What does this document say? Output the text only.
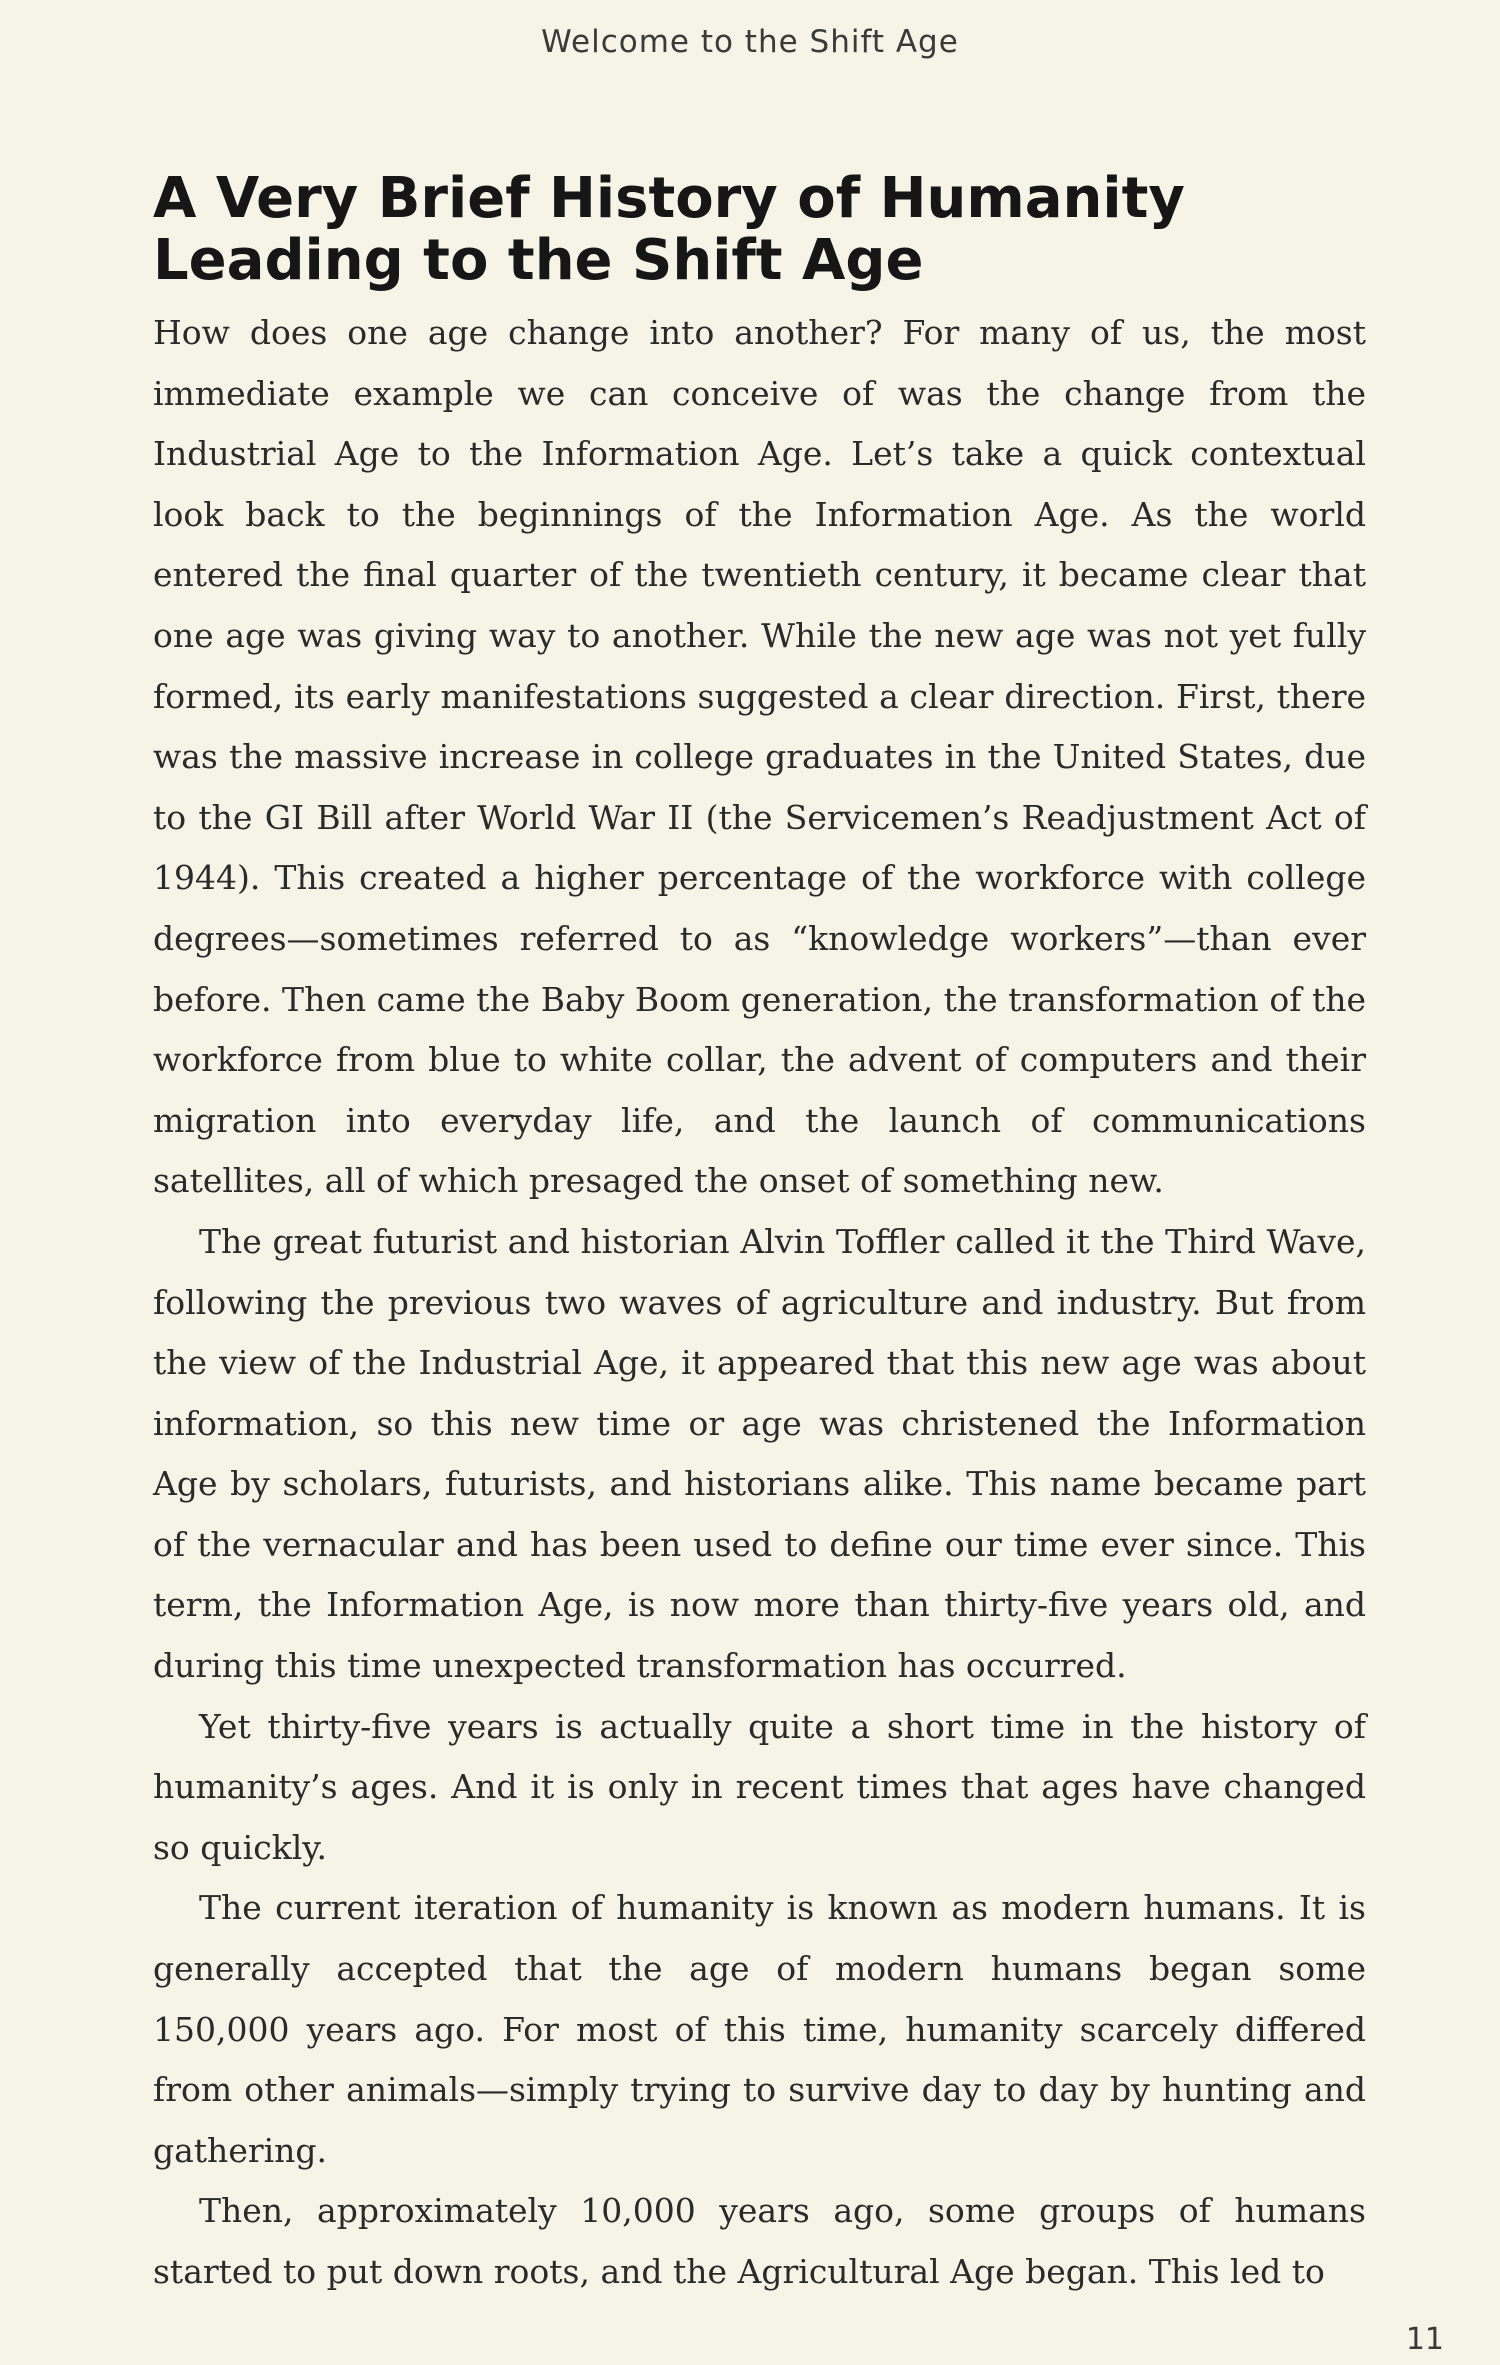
Welcome to the Shift Age

A Very Brief History of Humanity
Leading to the Shift Age

How does one age change into another? For many of us, the most immediate example we can conceive of was the change from the Industrial Age to the Information Age. Let’s take a quick contextual look back to the beginnings of the Information Age. As the world entered the final quarter of the twentieth century, it became clear that one age was giving way to another. While the new age was not yet fully formed, its early manifestations suggested a clear direction. First, there was the massive increase in college graduates in the United States, due to the GI Bill after World War II (the Servicemen’s Readjustment Act of 1944). This created a higher percentage of the workforce with college degrees—sometimes referred to as “knowledge workers”—than ever before. Then came the Baby Boom generation, the transformation of the workforce from blue to white collar, the advent of computers and their migration into everyday life, and the launch of communications satellites, all of which presaged the onset of something new.

The great futurist and historian Alvin Toffler called it the Third Wave, following the previous two waves of agriculture and industry. But from the view of the Industrial Age, it appeared that this new age was about information, so this new time or age was christened the Information Age by scholars, futurists, and historians alike. This name became part of the vernacular and has been used to define our time ever since. This term, the Information Age, is now more than thirty-five years old, and during this time unexpected transformation has occurred.

Yet thirty-five years is actually quite a short time in the history of humanity’s ages. And it is only in recent times that ages have changed so quickly.

The current iteration of humanity is known as modern humans. It is generally accepted that the age of modern humans began some 150,000 years ago. For most of this time, humanity scarcely differed from other animals—simply trying to survive day to day by hunting and gathering.

Then, approximately 10,000 years ago, some groups of humans started to put down roots, and the Agricultural Age began. This led to

11
